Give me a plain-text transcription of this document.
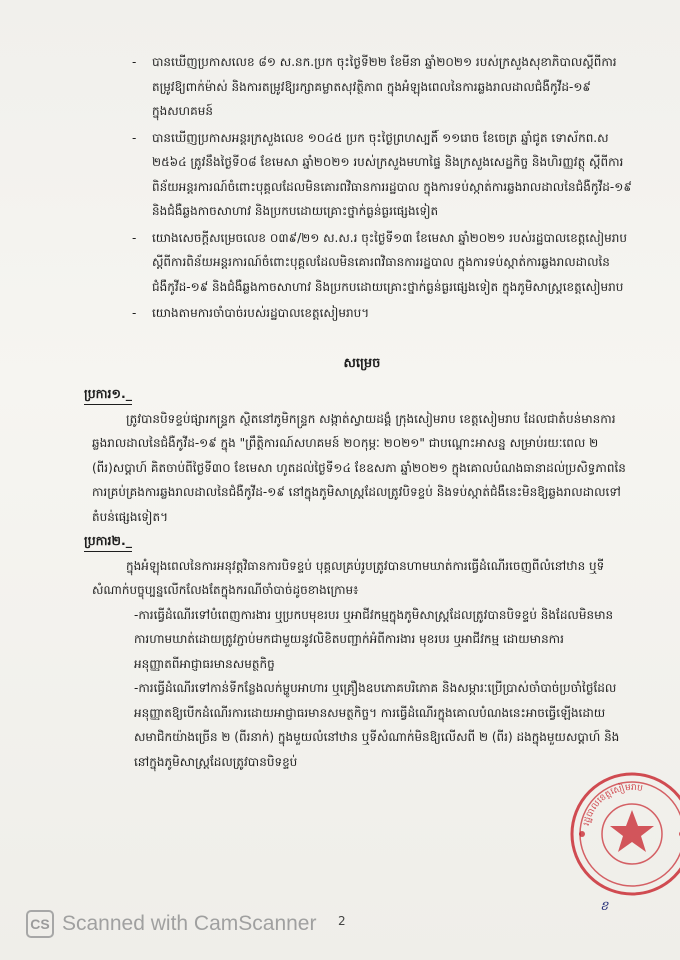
- បានឃើញប្រកាសលេខ ៨១ ស.នក.ប្រក ចុះថ្ងៃទី២២ ខែមីនា ឆ្នាំ២០២១ របស់ក្រសួងសុខាភិបាលស្តីពីការតម្រូវឱ្យពាក់ម៉ាស់ និងការតម្រូវឱ្យរក្សាគម្លាតសុវត្ថិភាព ក្នុងអំឡុងពេលនៃការឆ្លងរាលដាលជំងឺកូវីដ-១៩ ក្នុងសហគមន៍
- បានឃើញប្រកាសអន្តរក្រសួងលេខ ១០៤៥ ប្រក ចុះថ្ងៃព្រហស្បតិ៍ ១១រោច ខែចេត្រ ឆ្នាំជូត ទោស័កព.ស ២៥៦៤ ត្រូវនឹងថ្ងៃទី០៨ ខែមេសា ឆ្នាំ២០២១ របស់ក្រសួងមហាផ្ទៃ និងក្រសួងសេដ្ឋកិច្ច និងហិរញ្ញវត្ថុ ស្តីពីការពិន័យអន្តរការណ៍ចំពោះបុគ្គលដែលមិនគោរពវិធានការរដ្ឋបាល ក្នុងការទប់ស្កាត់ការឆ្លងរាលដាលនៃជំងឺកូវីដ-១៩ និងជំងឺឆ្លងកាចសាហាវ និងប្រកបដោយគ្រោះថ្នាក់ធ្ងន់ធ្ងរផ្សេងទៀត
- យោងសេចក្តីសម្រេចលេខ ០៣៩/២១ ស.ស.រ ចុះថ្ងៃទី១៣ ខែមេសា ឆ្នាំ២០២១ របស់រដ្ឋបាលខេត្តសៀមរាប ស្តីពីការពិន័យអន្តរការណ៍ចំពោះបុគ្គលដែលមិនគោរពវិធានការរដ្ឋបាល ក្នុងការទប់ស្កាត់ការឆ្លងរាលដាលនៃជំងឺកូវីដ-១៩ និងជំងឺឆ្លងកាចសាហាវ និងប្រកបដោយគ្រោះថ្នាក់ធ្ងន់ធ្ងរផ្សេងទៀត ក្នុងភូមិសាស្ត្រខេត្តសៀមរាប
- យោងតាមការចាំបាច់របស់រដ្ឋបាលខេត្តសៀមរាប។
សម្រេច
ប្រការ១._

ត្រូវបានបិទខ្ទប់ផ្សារកន្ទ្រក ស្ថិតនៅភូមិកន្ទ្រក សង្កាត់ស្វាយដង្គំ ក្រុងសៀមរាប ខេត្តសៀមរាប ដែលជាតំបន់មានការឆ្លងរាលដាលនៃជំងឺកូវីដ-១៩ ក្នុង "ព្រឹត្តិការណ៍សហគមន៍ ២០កុម្ភៈ ២០២១" ជាបណ្តោះអាសន្ន សម្រាប់រយៈពេល ២ (ពីរ)សប្តាហ៍ គិតចាប់ពីថ្ងៃទី៣០ ខែមេសា ហូតដល់ថ្ងៃទី១៤ ខែឧសភា ឆ្នាំ២០២១ ក្នុងគោលបំណងធានាដល់ប្រសិទ្ធភាពនៃការគ្រប់គ្រងការឆ្លងរាលដាលនៃជំងឺកូវីដ-១៩ នៅក្នុងភូមិសាស្ត្រដែលត្រូវបិទខ្ទប់ និងទប់ស្កាត់ជំងឺនេះមិនឱ្យឆ្លងរាលដាលទៅតំបន់ផ្សេងទៀត។

ប្រការ២._

ក្នុងអំឡុងពេលនៃការអនុវត្តវិធានការបិទខ្ទប់ បុគ្គលគ្រប់រូបត្រូវបានហាមឃាត់ការធ្វើដំណើរចេញពីលំនៅឋាន ឬទីសំណាក់បច្ចុប្បន្នលើកលែងតែក្នុងករណីចាំបាច់ដូចខាងក្រោម៖

-ការធ្វើដំណើរទៅបំពេញការងារ ឬប្រកបមុខរបរ ឬអាជីវកម្មក្នុងភូមិសាស្ត្រដែលត្រូវបានបិទខ្ទប់ និងដែលមិនមានការហាមឃាត់ដោយត្រូវភ្ជាប់មកជាមួយនូវលិខិតបញ្ជាក់អំពីការងារ មុខរបរ ឬអាជីវកម្ម ដោយមានការអនុញ្ញាតពីអាជ្ញាធរមានសមត្ថកិច្ច

-ការធ្វើដំណើរទៅកាន់ទីកន្លែងលក់ម្ហូបអាហារ ឬគ្រឿងឧបភោគបរិភោគ និងសម្ភារៈប្រើប្រាស់ចាំបាច់ប្រចាំថ្ងៃដែលអនុញ្ញាតឱ្យបើកដំណើរការដោយអាជ្ញាធរមានសមត្ថកិច្ច។ ការធ្វើដំណើរក្នុងគោលបំណងនេះអាចធ្វើឡើងដោយសមាជិកយ៉ាងច្រើន ២ (ពីរនាក់) ក្នុងមួយលំនៅឋាន ឬទីសំណាក់មិនឱ្យលើសពី ២ (ពីរ) ដងក្នុងមួយសប្តាហ៍ និងនៅក្នុងភូមិសាស្ត្រដែលត្រូវបានបិទខ្ទប់

រដ្ឋបាលខេត្តសៀមរាប
2
ខ
CS Scanned with CamScanner
